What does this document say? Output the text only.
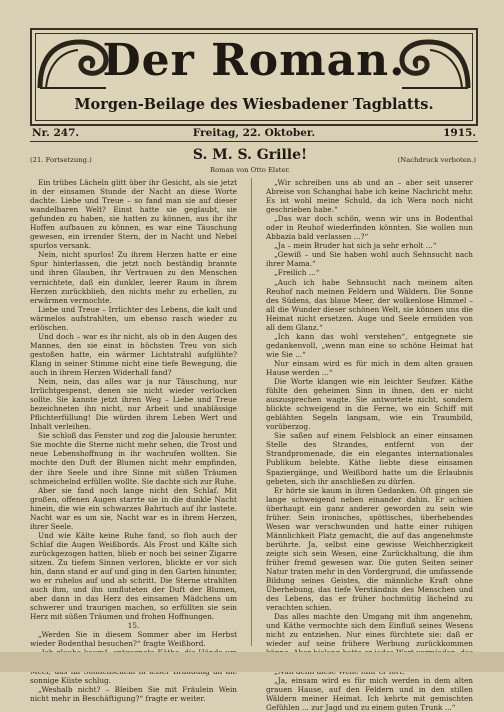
Der Roman.
Morgen-Beilage des Wiesbadener Tagblatts.
Nr. 247.	Freitag, 22. Oktober.	1915.
(21. Fortsetzung.)	(Nachdruck verboten.)
S. M. S. Grille!
Roman von Otto Elster.

Ein trübes Lächeln glitt über ihr Gesicht, als sie jetzt in der einsamen Stunde der Nacht an diese Worte dachte. Liebe und Treue – so fand man sie auf dieser wandelbaren Welt? Einst hatte sie geglaubt, sie gefunden zu haben, sie hatten zu können, aus ihr ihr Hoffen aufbauen zu können, es war eine Täuschung gewesen, ein irrender Stern, der in Nacht und Nebel spurlos versank.

Nein, nicht spurlos! Zu ihrem Herzen hatte er eine Spur hinterlassen, die jetzt noch beständig brannte und ihren Glauben, ihr Vertrauen zu den Menschen vernichtete, daß ein dunkler, leerer Raum in ihrem Herzen zurückblieb, den nichts mehr zu erhellen, zu erwärmen vermochte.

Liebe und Treue – Irrlichter des Lebens, die kalt und wärmelos aufstrahlten, um ebenso rasch wieder zu erlöschen.

Und doch – war es ihr nicht, als ob in den Augen des Mannes, den sie einst in höchsten Treu von sich gestoßen hatte, ein wärmer Lichtstrahl aufglühte? Klang in seiner Stimme nicht eine tiefe Bewegung, die auch in ihrem Herzen Widerhall fand?

Nein, nein, das alles war ja nur Täuschung, nur Irrlichtgespenst, denen sie nicht wieder verlocken sollte. Sie kannte jetzt ihren Weg – Liebe und Treue bezeichneten ihn nicht, nur Arbeit und unablässige Pflichterfüllung! Die würden ihrem Leben Wert und Inhalt verleihen.

Sie schloß das Fenster und zog die Jalousie herunter. Sie mochte die Sterne nicht mehr sehen, die Trost und neue Lebenshoffnung in ihr wachrufen wollten. Sie mochte den Duft der Blumen nicht mehr empfinden, der ihre Seele und ihre Sinne mit süßen Träumen schmeichelnd erfüllen wollte. Sie dachte sich zur Ruhe.

Aber sie fand noch lange nicht den Schlaf. Mit großen, offenen Augen starrte sie in die dunkle Nacht hinein, die wie ein schwarzes Bahrtuch auf ihr lastete. Nacht war es um sie, Nacht war es in ihrem Herzen, ihrer Seele.

Und wie Kälte keine Ruhe fand, so floh auch der Schlaf die Augen Weißbords. Als Frost und Kälte sich zurückgezogen hatten, blieb er noch bei seiner Zigarre sitzen. Zu tiefem Sinnen verloren, blickte er vor sich hin, dann stand er auf und ging in den Garten hinunter, wo er ruhelos auf und ab schritt. Die Sterne strahlten auch ihm, und ihn umfluteten der Duft der Blumen, aber dann in das Herz des einsamen Mädchens um schwerer und traurigen machen, so erfüllten sie sein Herz mit süßen Träumen und frohen Hoffnungen.

15.

„Werden Sie in diesem Sommer aber im Herbst wieder Bodenthal besuchen?“ fragte Weißbord.

sonnige Küste schlug.

„Weshalb nicht? – Bleiben Sie mit Fräulein Wein nicht mehr in Beschäftigung?“ fragte er weiter.

„Wir schreiben uns ab und an – aber seit unserer Abreise von Schanghai habe ich keine Nachricht mehr. Es ist wohl meine Schuld, da ich Wera noch nicht geschrieben habe.“

„Das war doch schön, wenn wir uns in Bodenthal oder in Reuhof wiederfinden könnten. Sie wollen nun Abbazia bald verlassen ...?“

„Ja – mein Bruder hat sich ja sehr erholt ...“

„Gewiß – und Sie haben wohl auch Sehnsucht nach ihrer Mama.“

„Freilich ...“

„Auch ich habe Sehnsucht nach meinem alten Reuhof nach meinen Feldern und Wäldern. Die Sonne des Südens, das blaue Meer, der wolkenlose Himmel – all die Wunder dieser schönen Welt, sie können uns die Heimat nicht ersetzen. Auge und Seele ermüden von all dem Glanz.“

„Ich kann das wohl verstehen“, entgegnete sie gedankenvoll, „wenn man eine so schöne Heimat hat wie Sie ...“

Nur einsam wird es für mich in dem alten grauen Hause werden ...“

Die Worte klangen wie ein leichter Seufzer. Käthe fühlte den geheimen Sinn in ihnen, den er nicht auszusprechen wagte. Sie antwortete nicht, sondern blickte schweigend in die Ferne, wo ein Schiff mit geblähten Segeln langsam, wie ein Traumbild, vorüberzog.

Sie saßen auf einem Felsblock an einer einsamen Stelle des Strandes, entfernt von der Strandpromenade, die ein elegantes internationales Publikum belebte. Käthe liebte diese einsamen Spaziergänge, und Weißbord hatte um die Erlaubnis gebeten, sich ihr anschließen zu dürfen.

Er hörte sie kaum in ihren Gedanken. Oft gingen sie lange schweigend neben einander dahin. Er schien überhaupt ein ganz anderer geworden zu sein wie früher. Sein ironisches, spöttisches, überhebendes Wesen war verschwunden und hatte einer ruhigen Männlichkeit Platz gemacht, die auf das angenehmste berührte. Ja, selbst eine gewisse Weichherzigkeit zeigte sich sein Wesen, eine Zurückhaltung, die ihm früher fremd gewesen war. Die guten Seiten seiner Natur traten mehr in den Vordergrund, die umfassende Bildung seines Geistes, die männliche Kraft ohne Überhebung, das tiefe Verständnis des Menschen und des Lebens, das er früher hochmütig lächelnd zu verachten schien.

Das alles machte den Umgang mit ihm angenehm, und Käthe vermochte sich dem Einfluß seines Wesens nicht zu entziehen. Nur eines fürchtete sie: daß er wieder auf seine frühere Werbung zurückkommen

„Ja, einsam wird es für mich werden in dem alten grauen Hause, auf den Feldern und in den stillen Wäldern meiner Heimat. Ich kehrte mit gemischten Gefühlen ... zur Jagd und zu einem guten Trunk ...“
